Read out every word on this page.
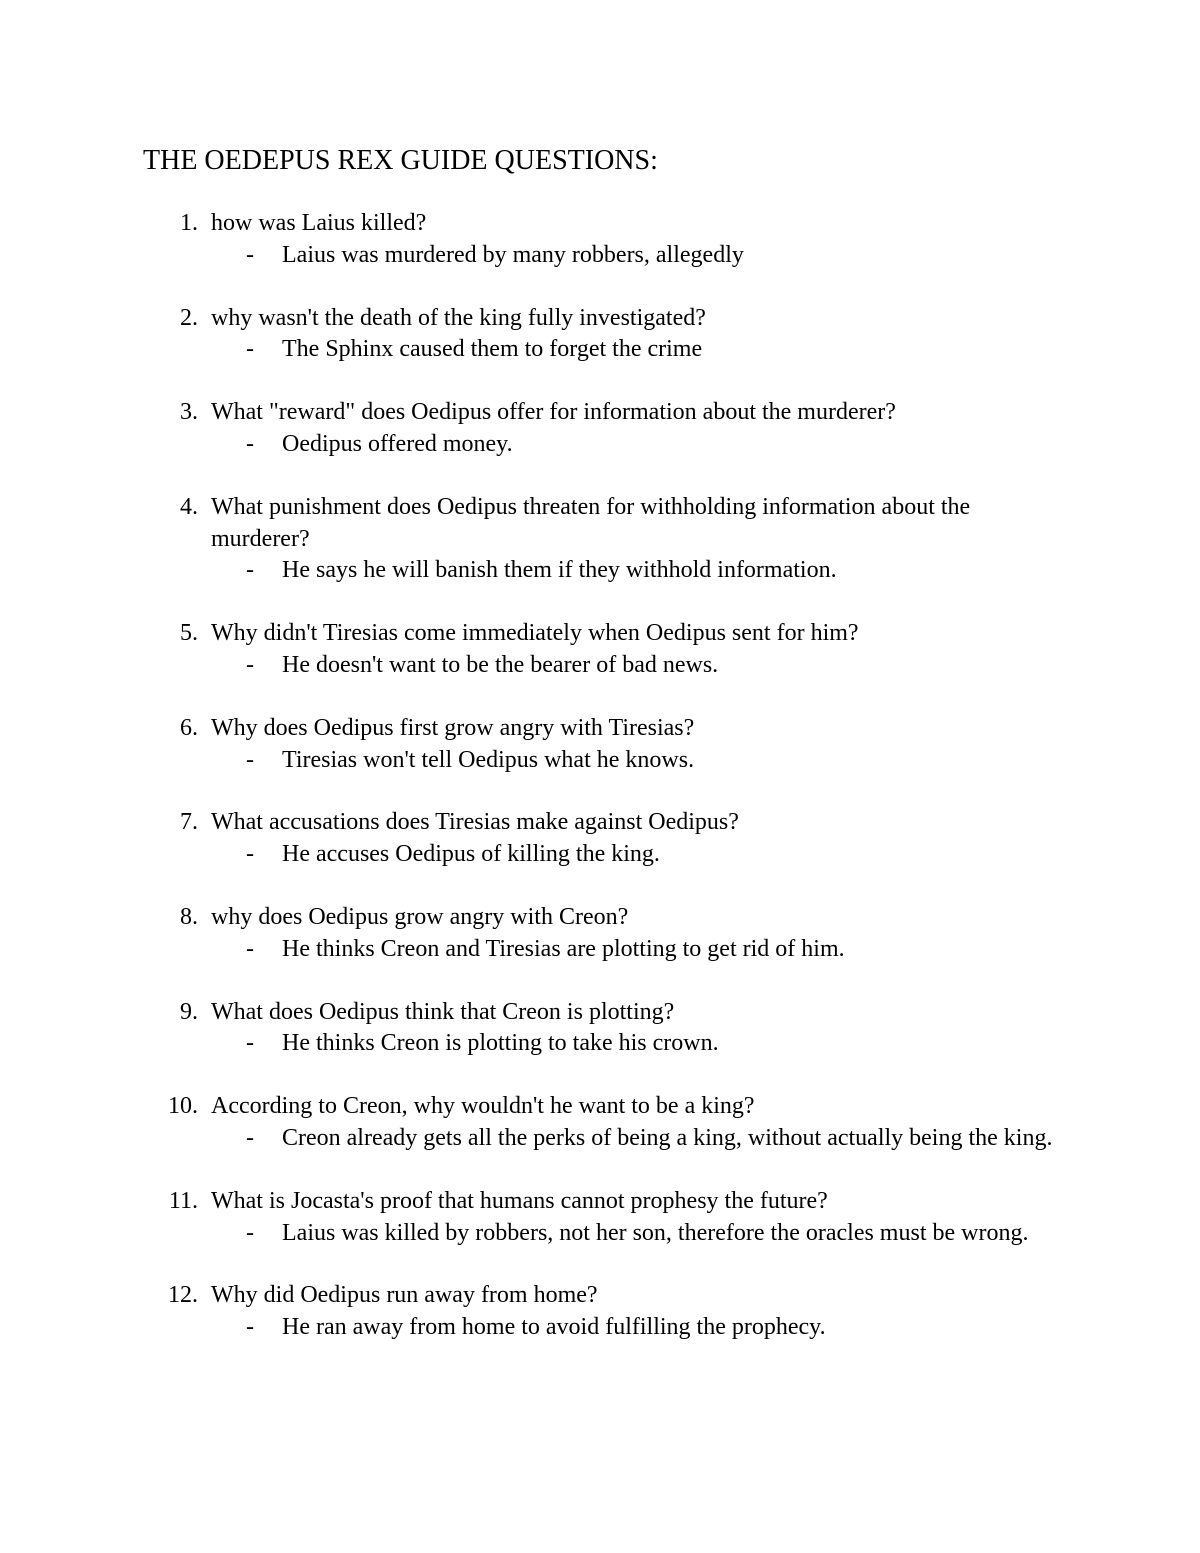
THE OEDEPUS REX GUIDE QUESTIONS:
1. how was Laius killed?
- Laius was murdered by many robbers, allegedly
2. why wasn't the death of the king fully investigated?
- The Sphinx caused them to forget the crime
3. What "reward" does Oedipus offer for information about the murderer?
- Oedipus offered money.
4. What punishment does Oedipus threaten for withholding information about the murderer?
- He says he will banish them if they withhold information.
5. Why didn't Tiresias come immediately when Oedipus sent for him?
- He doesn't want to be the bearer of bad news.
6. Why does Oedipus first grow angry with Tiresias?
- Tiresias won't tell Oedipus what he knows.
7. What accusations does Tiresias make against Oedipus?
- He accuses Oedipus of killing the king.
8. why does Oedipus grow angry with Creon?
- He thinks Creon and Tiresias are plotting to get rid of him.
9. What does Oedipus think that Creon is plotting?
- He thinks Creon is plotting to take his crown.
10. According to Creon, why wouldn't he want to be a king?
- Creon already gets all the perks of being a king, without actually being the king.
11. What is Jocasta's proof that humans cannot prophesy the future?
- Laius was killed by robbers, not her son, therefore the oracles must be wrong.
12. Why did Oedipus run away from home?
- He ran away from home to avoid fulfilling the prophecy.
